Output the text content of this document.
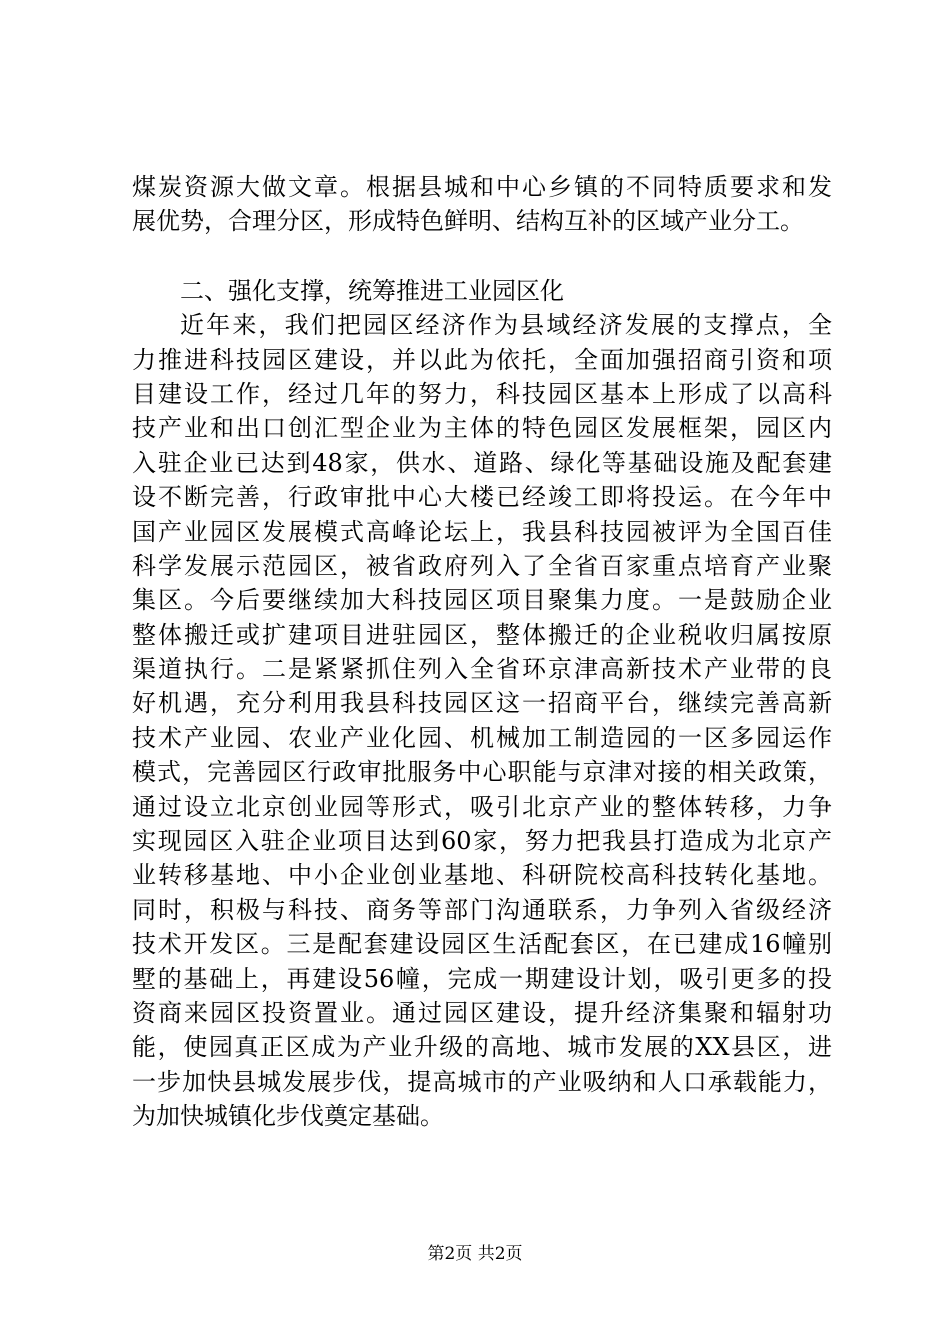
煤炭资源大做文章。根据县城和中心乡镇的不同特质要求和发
展优势，合理分区，形成特色鲜明、结构互补的区域产业分工。
二、强化支撑，统筹推进工业园区化
近年来，我们把园区经济作为县域经济发展的支撑点，全
力推进科技园区建设，并以此为依托，全面加强招商引资和项
目建设工作，经过几年的努力，科技园区基本上形成了以高科
技产业和出口创汇型企业为主体的特色园区发展框架，园区内
入驻企业已达到48家，供水、道路、绿化等基础设施及配套建
设不断完善，行政审批中心大楼已经竣工即将投运。在今年中
国产业园区发展模式高峰论坛上，我县科技园被评为全国百佳
科学发展示范园区，被省政府列入了全省百家重点培育产业聚
集区。今后要继续加大科技园区项目聚集力度。一是鼓励企业
整体搬迁或扩建项目进驻园区，整体搬迁的企业税收归属按原
渠道执行。二是紧紧抓住列入全省环京津高新技术产业带的良
好机遇，充分利用我县科技园区这一招商平台，继续完善高新
技术产业园、农业产业化园、机械加工制造园的一区多园运作
模式，完善园区行政审批服务中心职能与京津对接的相关政策，
通过设立北京创业园等形式，吸引北京产业的整体转移，力争
实现园区入驻企业项目达到60家，努力把我县打造成为北京产
业转移基地、中小企业创业基地、科研院校高科技转化基地。
同时，积极与科技、商务等部门沟通联系，力争列入省级经济
技术开发区。三是配套建设园区生活配套区，在已建成16幢别
墅的基础上，再建设56幢，完成一期建设计划，吸引更多的投
资商来园区投资置业。通过园区建设，提升经济集聚和辐射功
能，使园真正区成为产业升级的高地、城市发展的XX县区，进
一步加快县城发展步伐，提高城市的产业吸纳和人口承载能力，
为加快城镇化步伐奠定基础。
第2页 共2页
